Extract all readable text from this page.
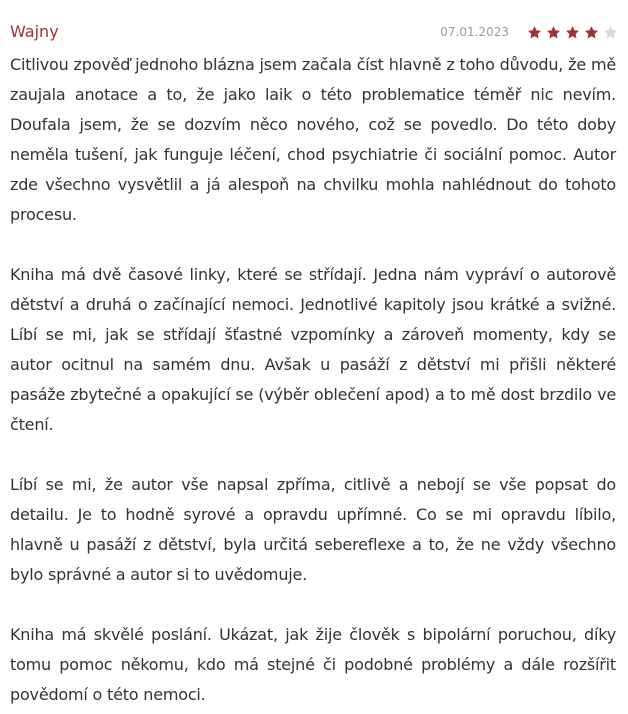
Wajny	07.01.2023

Citlivou zpověď jednoho blázna jsem začala číst hlavně z toho důvodu, že mě zaujala anotace a to, že jako laik o této problematice téměř nic nevím. Doufala jsem, že se dozvím něco nového, což se povedlo. Do této doby neměla tušení, jak funguje léčení, chod psychiatrie či sociální pomoc. Autor zde všechno vysvětlil a já alespoň na chvilku mohla nahlédnout do tohoto procesu.

Kniha má dvě časové linky, které se střídají. Jedna nám vypráví o autorově dětství a druhá o začínající nemoci. Jednotlivé kapitoly jsou krátké a svižné. Líbí se mi, jak se střídají šťastné vzpomínky a zároveň momenty, kdy se autor ocitnul na samém dnu. Avšak u pasáží z dětství mi přišli některé pasáže zbytečné a opakující se (výběr oblečení apod) a to mě dost brzdilo ve čtení.

Líbí se mi, že autor vše napsal zpříma, citlivě a nebojí se vše popsat do detailu. Je to hodně syrové a opravdu upřímné. Co se mi opravdu líbilo, hlavně u pasáží z dětství, byla určitá sebereflexe a to, že ne vždy všechno bylo správné a autor si to uvědomuje.

Kniha má skvělé poslání. Ukázat, jak žije člověk s bipolární poruchou, díky tomu pomoc někomu, kdo má stejné či podobné problémy a dále rozšířit povědomí o této nemoci.
